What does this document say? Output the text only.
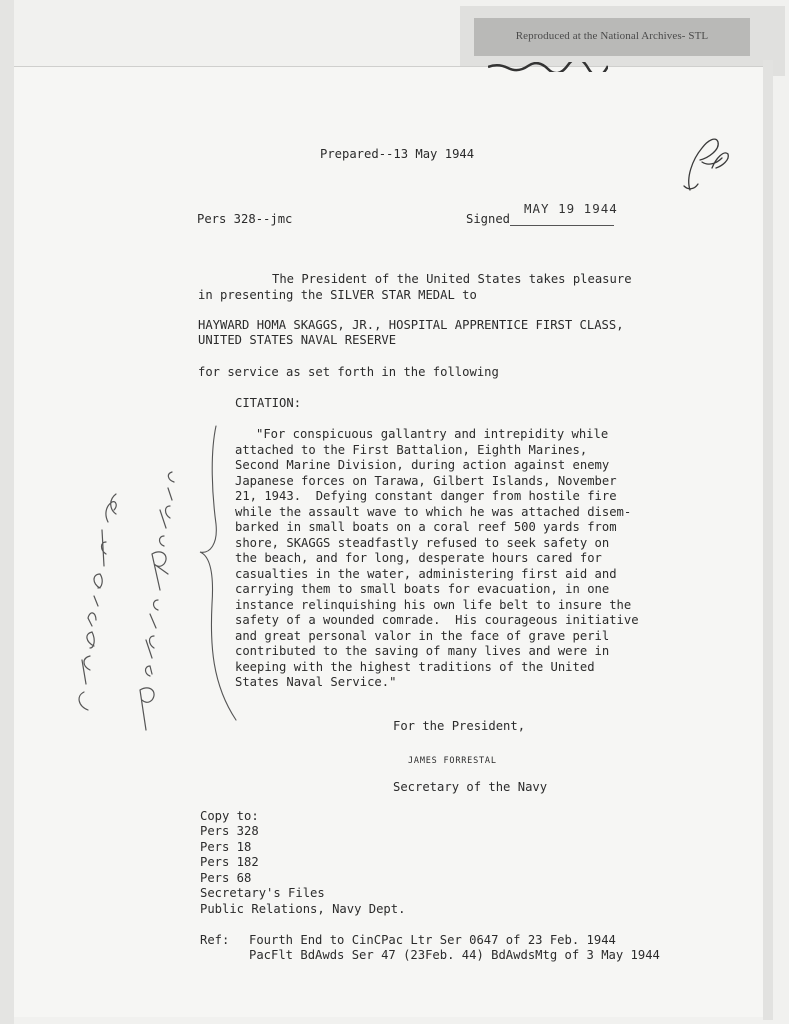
Reproduced at the National Archives- STL
Prepared--13 May 1944
Pers 328--jmc	Signed
MAY 19 1944
The President of the United States takes pleasure
in presenting the SILVER STAR MEDAL to
HAYWARD HOMA SKAGGS, JR., HOSPITAL APPRENTICE FIRST CLASS,
UNITED STATES NAVAL RESERVE
for service as set forth in the following
CITATION:
"For conspicuous gallantry and intrepidity while
attached to the First Battalion, Eighth Marines,
Second Marine Division, during action against enemy
Japanese forces on Tarawa, Gilbert Islands, November
21, 1943.  Defying constant danger from hostile fire
while the assault wave to which he was attached disem-
barked in small boats on a coral reef 500 yards from
shore, SKAGGS steadfastly refused to seek safety on
the beach, and for long, desperate hours cared for
casualties in the water, administering first aid and
carrying them to small boats for evacuation, in one
instance relinquishing his own life belt to insure the
safety of a wounded comrade.  His courageous initiative
and great personal valor in the face of grave peril
contributed to the saving of many lives and were in
keeping with the highest traditions of the United
States Naval Service."
For the President,
JAMES FORRESTAL
Secretary of the Navy
Copy to:
Pers 328
Pers 18
Pers 182
Pers 68
Secretary's Files
Public Relations, Navy Dept.
Ref: Fourth End to CinCPac Ltr Ser 0647 of 23 Feb. 1944
PacFlt BdAwds Ser 47 (23Feb. 44) BdAwdsMtg of 3 May 1944
